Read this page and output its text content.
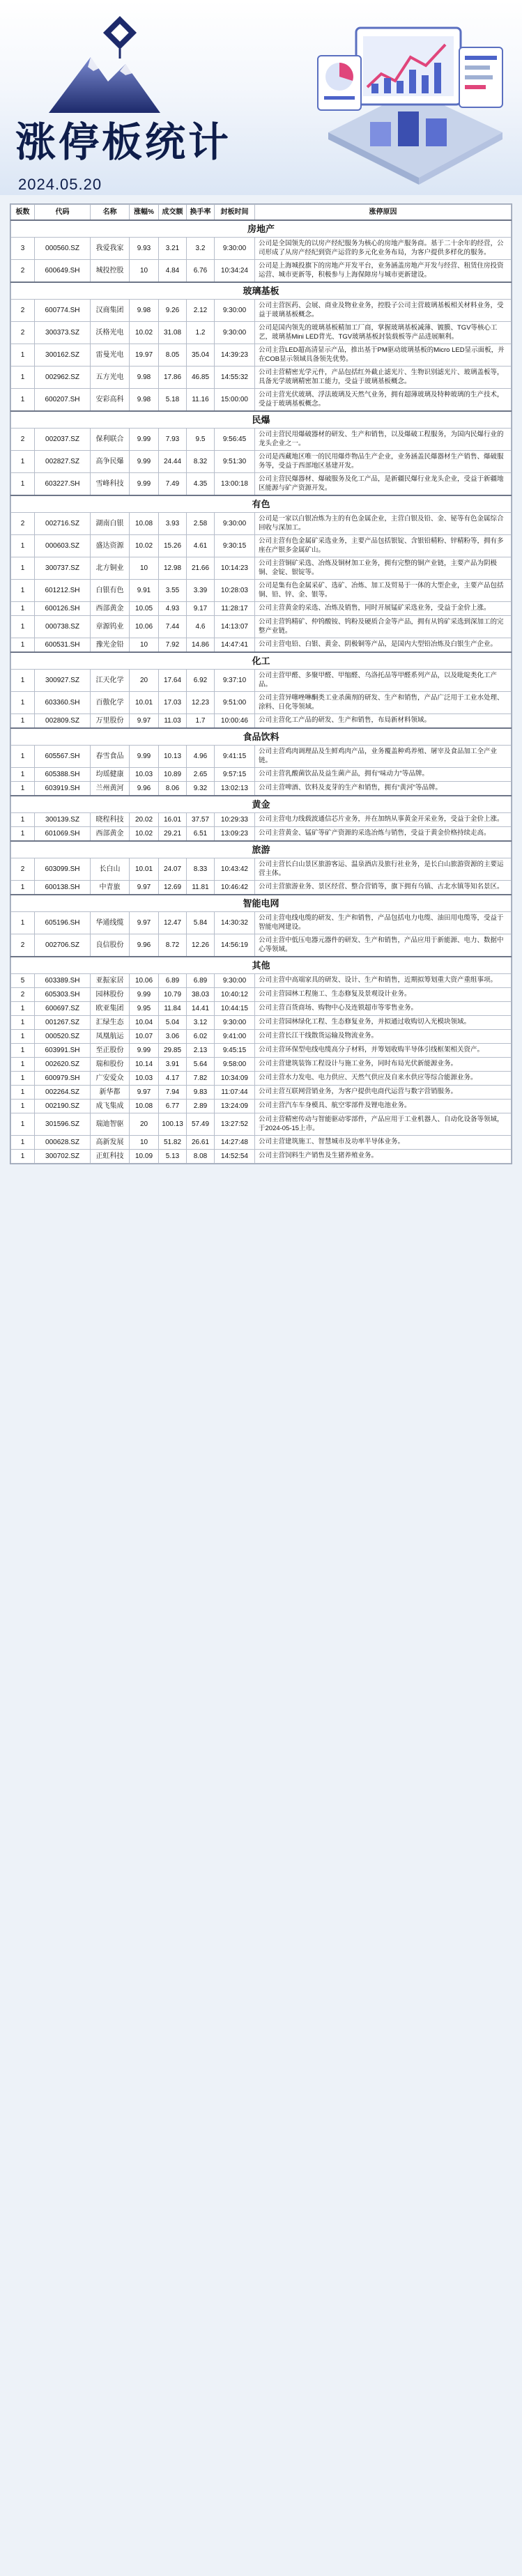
涨停板统计
2024.05.20
板数	代码	名称	涨幅%	成交额	换手率	封板时间	涨停原因
房地产							
3	000560.SZ	我爱我家	9.93	3.21	3.2	9:30:00	公司是全国领先的以房产经纪服务为核心的房地产服务商。基于二十余年的经营，公司形成了从房产经纪到资产运营的多元化业务布局，为客户提供多样化的服务。
2	600649.SH	城投控股	10	4.84	6.76	10:34:24	公司是上海城投旗下的房地产开发平台，业务涵盖房地产开发与经营、租赁住房投资运营、城市更新等，积极参与上海保障房与城市更新建设。
玻璃基板							
2	600774.SH	汉商集团	9.98	9.26	2.12	9:30:00	公司主营医药、会展、商业及物业业务，控股子公司主营玻璃基板相关材料业务，受益于玻璃基板概念。
2	300373.SZ	沃格光电	10.02	31.08	1.2	9:30:00	公司是国内领先的玻璃基板精加工厂商，掌握玻璃基板减薄、镀膜、TGV等核心工艺，玻璃基Mini LED背光、TGV玻璃基板封装载板等产品进展顺利。
1	300162.SZ	雷曼光电	19.97	8.05	35.04	14:39:23	公司主营LED超高清显示产品，推出基于PM驱动玻璃基板的Micro LED显示面板，并在COB显示领域具备领先优势。
1	002962.SZ	五方光电	9.98	17.86	46.85	14:55:32	公司主营精密光学元件，产品包括红外截止滤光片、生物识别滤光片、玻璃盖板等，具备光学玻璃精密加工能力，受益于玻璃基板概念。
1	600207.SH	安彩高科	9.98	5.18	11.16	15:00:00	公司主营光伏玻璃、浮法玻璃及天然气业务，拥有超薄玻璃及特种玻璃的生产技术，受益于玻璃基板概念。
民爆							
2	002037.SZ	保利联合	9.99	7.93	9.5	9:56:45	公司主营民用爆破器材的研发、生产和销售，以及爆破工程服务，为国内民爆行业的龙头企业之一。
1	002827.SZ	高争民爆	9.99	24.44	8.32	9:51:30	公司是西藏地区唯一的民用爆炸物品生产企业，业务涵盖民爆器材生产销售、爆破服务等，受益于西部地区基建开发。
1	603227.SH	雪峰科技	9.99	7.49	4.35	13:00:18	公司主营民爆器材、爆破服务及化工产品，是新疆民爆行业龙头企业，受益于新疆地区能源与矿产资源开发。
有色							
2	002716.SZ	湖南白银	10.08	3.93	2.58	9:30:00	公司是一家以白银冶炼为主的有色金属企业，主营白银及铅、金、铋等有色金属综合回收与深加工。
1	000603.SZ	盛达资源	10.02	15.26	4.61	9:30:15	公司主营有色金属矿采选业务，主要产品包括银锭、含银铅精粉、锌精粉等，拥有多座在产银多金属矿山。
1	300737.SZ	北方铜业	10	12.98	21.66	10:14:23	公司主营铜矿采选、冶炼及铜材加工业务，拥有完整的铜产业链，主要产品为阴极铜、金锭、银锭等。
1	601212.SH	白银有色	9.91	3.55	3.39	10:28:03	公司是集有色金属采矿、选矿、冶炼、加工及贸易于一体的大型企业，主要产品包括铜、铅、锌、金、银等。
1	600126.SH	西部黄金	10.05	4.93	9.17	11:28:17	公司主营黄金的采选、冶炼及销售，同时开展锰矿采选业务，受益于金价上涨。
1	000738.SZ	章源钨业	10.06	7.44	4.6	14:13:07	公司主营钨精矿、仲钨酸铵、钨粉及硬质合金等产品，拥有从钨矿采选到深加工的完整产业链。
1	600531.SH	豫光金铅	10	7.92	14.86	14:47:41	公司主营电铅、白银、黄金、阴极铜等产品，是国内大型铅冶炼及白银生产企业。
化工							
1	300927.SZ	江天化学	20	17.64	6.92	9:37:10	公司主营甲醛、多聚甲醛、甲缩醛、乌洛托品等甲醛系列产品，以及吡啶类化工产品。
1	603360.SH	百傲化学	10.01	17.03	12.23	9:51:00	公司主营异噻唑啉酮类工业杀菌剂的研发、生产和销售，产品广泛用于工业水处理、涂料、日化等领域。
1	002809.SZ	万里股份	9.97	11.03	1.7	10:00:46	公司主营化工产品的研发、生产和销售，布局新材料领域。
食品饮料							
1	605567.SH	春雪食品	9.99	10.13	4.96	9:41:15	公司主营鸡肉调理品及生鲜鸡肉产品，业务覆盖种鸡养殖、屠宰及食品加工全产业链。
1	605388.SH	均瑶健康	10.03	10.89	2.65	9:57:15	公司主营乳酸菌饮品及益生菌产品，拥有“味动力”等品牌。
1	603919.SH	兰州黄河	9.96	8.06	9.32	13:02:13	公司主营啤酒、饮料及麦芽的生产和销售，拥有“黄河”等品牌。
黄金							
1	300139.SZ	晓程科技	20.02	16.01	37.57	10:29:33	公司主营电力线载波通信芯片业务，并在加纳从事黄金开采业务，受益于金价上涨。
1	601069.SH	西部黄金	10.02	29.21	6.51	13:09:23	公司主营黄金、锰矿等矿产资源的采选冶炼与销售，受益于黄金价格持续走高。
旅游							
2	603099.SH	长白山	10.01	24.07	8.33	10:43:42	公司主营长白山景区旅游客运、温泉酒店及旅行社业务，是长白山旅游资源的主要运营主体。
1	600138.SH	中青旅	9.97	12.69	11.81	10:46:42	公司主营旅游业务、景区经营、整合营销等，旗下拥有乌镇、古北水镇等知名景区。
智能电网							
1	605196.SH	华通线缆	9.97	12.47	5.84	14:30:32	公司主营电线电缆的研发、生产和销售，产品包括电力电缆、油田用电缆等，受益于智能电网建设。
2	002706.SZ	良信股份	9.96	8.72	12.26	14:56:19	公司主营中低压电器元器件的研发、生产和销售，产品应用于新能源、电力、数据中心等领域。
其他							
5	603389.SH	亚振家居	10.06	6.89	6.89	9:30:00	公司主营中高端家具的研发、设计、生产和销售，近期拟筹划重大资产重组事项。
2	605303.SH	园林股份	9.99	10.79	38.03	10:40:12	公司主营园林工程施工、生态修复及景观设计业务。
1	600697.SZ	欧亚集团	9.95	11.84	14.41	10:44:15	公司主营百货商场、购物中心及连锁超市等零售业务。
1	001267.SZ	汇绿生态	10.04	5.04	3.12	9:30:00	公司主营园林绿化工程、生态修复业务，并拟通过收购切入光模块领域。
1	000520.SZ	凤凰航运	10.07	3.06	6.02	9:41:00	公司主营长江干线散货运输及物流业务。
1	603991.SH	至正股份	9.99	29.85	2.13	9:45:15	公司主营环保型电线电缆高分子材料，并筹划收购半导体引线框架相关资产。
1	002620.SZ	瑞和股份	10.14	3.91	5.64	9:58:00	公司主营建筑装饰工程设计与施工业务，同时布局光伏新能源业务。
1	600979.SH	广安爱众	10.03	4.17	7.82	10:34:09	公司主营水力发电、电力供应、天然气供应及自来水供应等综合能源业务。
1	002264.SZ	新华都	9.97	7.94	9.83	11:07:44	公司主营互联网营销业务，为客户提供电商代运营与数字营销服务。
1	002190.SZ	成飞集成	10.08	6.77	2.89	13:24:09	公司主营汽车车身模具、航空零部件及锂电池业务。
1	301596.SZ	瑞迪智驱	20	100.13	57.49	13:27:52	公司主营精密传动与智能驱动零部件，产品应用于工业机器人、自动化设备等领域，于2024-05-15上市。
1	000628.SZ	高新发展	10	51.82	26.61	14:27:48	公司主营建筑施工、智慧城市及功率半导体业务。
1	300702.SZ	正虹科技	10.09	5.13	8.08	14:52:54	公司主营饲料生产销售及生猪养殖业务。
